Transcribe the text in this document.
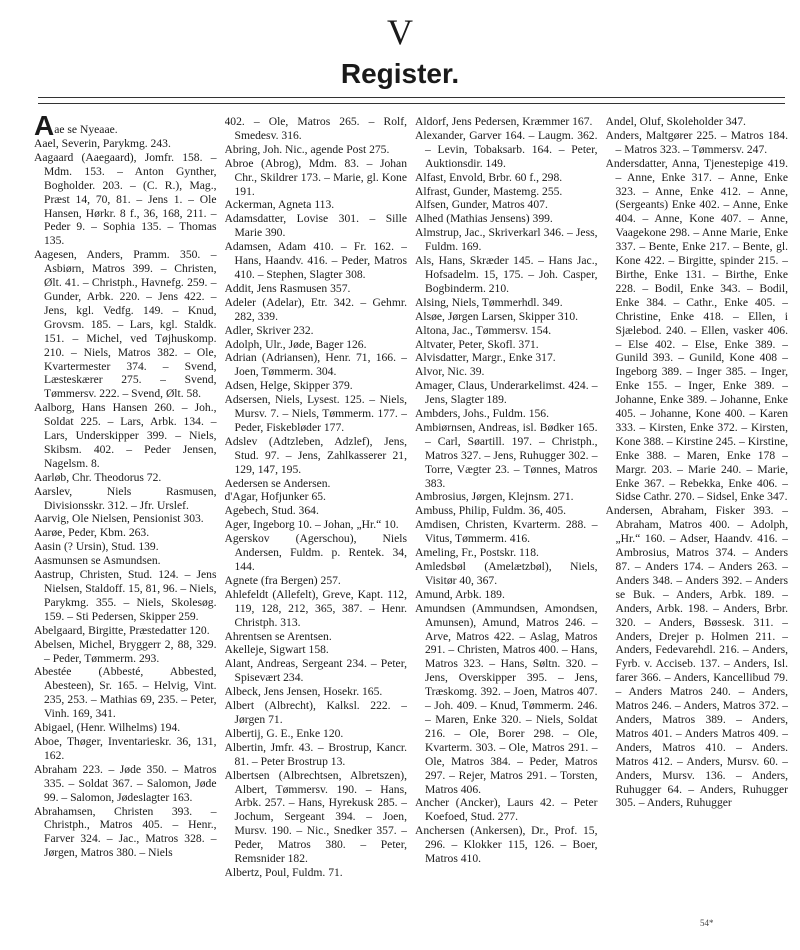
V
Register.

Aae se Nyeaae.

Aael, Severin, Parykmg. 243.

Aagaard (Aaegaard), Jomfr. 158. – Mdm. 153. – Anton Gynther, Bogholder. 203. – (C. R.), Mag., Præst 14, 70, 81. – Jens 1. – Ole Hansen, Hørkr. 8 f., 36, 168, 211. – Peder 9. – Sophia 135. – Thomas 135.

Aagesen, Anders, Pramm. 350. – Asbiørn, Matros 399. – Christen, Ølt. 41. – Christph., Havnefg. 259. – Gunder, Arbk. 220. – Jens 422. – Jens, kgl. Vedfg. 149. – Knud, Grovsm. 185. – Lars, kgl. Staldk. 151. – Michel, ved Tøjhuskomp. 210. – Niels, Matros 382. – Ole, Kvartermester 374. – Svend, Læsteskærer 275. – Svend, Tømmersv. 222. – Svend, Ølt. 58.

Aalborg, Hans Hansen 260. – Joh., Soldat 225. – Lars, Arbk. 134. – Lars, Underskipper 399. – Niels, Skibsm. 402. – Peder Jensen, Nagelsm. 8.

Aarløb, Chr. Theodorus 72.

Aarslev, Niels Rasmusen, Divisionsskr. 312. – Jfr. Urslef.

Aarvig, Ole Nielsen, Pensionist 303.

Aarøe, Peder, Kbm. 263.

Aasin (? Ursin), Stud. 139.

Aasmunsen se Asmundsen.

Aastrup, Christen, Stud. 124. – Jens Nielsen, Staldoff. 15, 81, 96. – Niels, Parykmg. 355. – Niels, Skolesøg. 159. – Sti Pedersen, Skipper 259.

Abelgaard, Birgitte, Præstedatter 120.

Abelsen, Michel, Bryggerr 2, 88, 329. – Peder, Tømmerm. 293.

Abestée (Abbesté, Abbested, Abesteen), Sr. 165. – Helvig, Vint. 235, 253. – Mathias 69, 235. – Peter, Vinh. 169, 341.

Abigael, (Henr. Wilhelms) 194.

Aboe, Thøger, Inventarieskr. 36, 131, 162.

Abraham 223. – Jøde 350. – Matros 335. – Soldat 367. – Salomon, Jøde 99. – Salomon, Jødeslagter 163.

Abrahamsen, Christen 393. – Christph., Matros 405. – Henr., Farver 324. – Jac., Matros 328. – Jørgen, Matros 380. – Niels

402. – Ole, Matros 265. – Rolf, Smedesv. 316.

Abring, Joh. Nic., agende Post 275.

Abroe (Abrog), Mdm. 83. – Johan Chr., Skildrer 173. – Marie, gl. Kone 191.

Ackerman, Agneta 113.

Adamsdatter, Lovise 301. – Sille Marie 390.

Adamsen, Adam 410. – Fr. 162. – Hans, Haandv. 416. – Peder, Matros 410. – Stephen, Slagter 308.

Addit, Jens Rasmusen 357.

Adeler (Adelar), Etr. 342. – Gehmr. 282, 339.

Adler, Skriver 232.

Adolph, Ulr., Jøde, Bager 126.

Adrian (Adriansen), Henr. 71, 166. – Joen, Tømmerm. 304.

Adsen, Helge, Skipper 379.

Adsersen, Niels, Lysest. 125. – Niels, Mursv. 7. – Niels, Tømmerm. 177. – Peder, Fiskebløder 177.

Adslev (Adtzleben, Adzlef), Jens, Stud. 97. – Jens, Zahlkasserer 21, 129, 147, 195.

Aedersen se Andersen.

d'Agar, Hofjunker 65.

Agebech, Stud. 364.

Ager, Ingeborg 10. – Johan, „Hr.“ 10.

Agerskov (Agerschou), Niels Andersen, Fuldm. p. Rentek. 34, 144.

Agnete (fra Bergen) 257.

Ahlefeldt (Allefelt), Greve, Kapt. 112, 119, 128, 212, 365, 387. – Henr. Christph. 313.

Ahrentsen se Arentsen.

Akelleje, Sigwart 158.

Alant, Andreas, Sergeant 234. – Peter, Spisevært 234.

Albeck, Jens Jensen, Hosekr. 165.

Albert (Albrecht), Kalksl. 222. – Jørgen 71.

Albertij, G. E., Enke 120.

Albertin, Jmfr. 43. – Brostrup, Kancr. 81. – Peter Brostrup 13.

Albertsen (Albrechtsen, Albretszen), Albert, Tømmersv. 190. – Hans, Arbk. 257. – Hans, Hyrekusk 285. – Jochum, Sergeant 394. – Joen, Mursv. 190. – Nic., Snedker 357. – Peder, Matros 380. – Peter, Remsnider 182.

Albertz, Poul, Fuldm. 71.

Aldorf, Jens Pedersen, Kræmmer 167.

Alexander, Garver 164. – Laugm. 362. – Levin, Tobaksarb. 164. – Peter, Auktionsdir. 149.

Alfast, Envold, Brbr. 60 f., 298.

Alfrast, Gunder, Mastemg. 255.

Alfsen, Gunder, Matros 407.

Alhed (Mathias Jensens) 399.

Almstrup, Jac., Skriverkarl 346. – Jess, Fuldm. 169.

Als, Hans, Skræder 145. – Hans Jac., Hofsadelm. 15, 175. – Joh. Casper, Bogbinderm. 210.

Alsing, Niels, Tømmerhdl. 349.

Alsøe, Jørgen Larsen, Skipper 310.

Altona, Jac., Tømmersv. 154.

Altvater, Peter, Skofl. 371.

Alvisdatter, Margr., Enke 317.

Alvor, Nic. 39.

Amager, Claus, Underarkelimst. 424. – Jens, Slagter 189.

Ambders, Johs., Fuldm. 156.

Ambiørnsen, Andreas, isl. Bødker 165. – Carl, Søartill. 197. – Christph., Matros 327. – Jens, Ruhugger 302. – Torre, Vægter 23. – Tønnes, Matros 383.

Ambrosius, Jørgen, Klejnsm. 271.

Ambuss, Philip, Fuldm. 36, 405.

Amdisen, Christen, Kvarterm. 288. – Vitus, Tømmerm. 416.

Ameling, Fr., Postskr. 118.

Amledsbøl (Amelætzbøl), Niels, Visitør 40, 367.

Amund, Arbk. 189.

Amundsen (Ammundsen, Amondsen, Amunsen), Amund, Matros 246. – Arve, Matros 422. – Aslag, Matros 291. – Christen, Matros 400. – Hans, Matros 323. – Hans, Søltn. 320. – Jens, Overskipper 395. – Jens, Træskomg. 392. – Joen, Matros 407. – Joh. 409. – Knud, Tømmerm. 246. – Maren, Enke 320. – Niels, Soldat 216. – Ole, Borer 298. – Ole, Kvarterm. 303. – Ole, Matros 291. – Ole, Matros 384. – Peder, Matros 297. – Rejer, Matros 291. – Torsten, Matros 406.

Ancher (Ancker), Laurs 42. – Peter Koefoed, Stud. 277.

Anchersen (Ankersen), Dr., Prof. 15, 296. – Klokker 115, 126. – Boer, Matros 410.

Andel, Oluf, Skoleholder 347.

Anders, Maltgører 225. – Matros 184. – Matros 323. – Tømmersv. 247.

Andersdatter, Anna, Tjenestepige 419. – Anne, Enke 317. – Anne, Enke 323. – Anne, Enke 412. – Anne, (Sergeants) Enke 402. – Anne, Enke 404. – Anne, Kone 407. – Anne, Vaagekone 298. – Anne Marie, Enke 337. – Bente, Enke 217. – Bente, gl. Kone 422. – Birgitte, spinder 215. – Birthe, Enke 131. – Birthe, Enke 228. – Bodil, Enke 343. – Bodil, Enke 384. – Cathr., Enke 405. – Christine, Enke 418. – Ellen, i Sjælebod. 240. – Ellen, vasker 406. – Else 402. – Else, Enke 389. – Gunild 393. – Gunild, Kone 408 – Ingeborg 389. – Inger 385. – Inger, Enke 155. – Inger, Enke 389. – Johanne, Enke 389. – Johanne, Enke 405. – Johanne, Kone 400. – Karen 333. – Kirsten, Enke 372. – Kirsten, Kone 388. – Kirstine 245. – Kirstine, Enke 388. – Maren, Enke 178 – Margr. 203. – Marie 240. – Marie, Enke 367. – Rebekka, Enke 406. – Sidse Cathr. 270. – Sidsel, Enke 347.

Andersen, Abraham, Fisker 393. – Abraham, Matros 400. – Adolph, „Hr.“ 160. – Adser, Haandv. 416. – Ambrosius, Matros 374. – Anders 87. – Anders 174. – Anders 263. – Anders 348. – Anders 392. – Anders se Buk. – Anders, Arbk. 189. – Anders, Arbk. 198. – Anders, Brbr. 320. – Anders, Bøssesk. 311. – Anders, Drejer p. Holmen 211. – Anders, Fedevarehdl. 216. – Anders, Fyrb. v. Acciseb. 137. – Anders, Isl. farer 366. – Anders, Kancellibud 79. – Anders Matros 240. – Anders, Matros 246. – Anders, Matros 372. – Anders, Matros 389. – Anders, Matros 401. – Anders Matros 409. – Anders, Matros 410. – Anders. Matros 412. – Anders, Mursv. 60. – Anders, Mursv. 136. – Anders, Ruhugger 64. – Anders, Ruhugger 305. – Anders, Ruhugger

54*
